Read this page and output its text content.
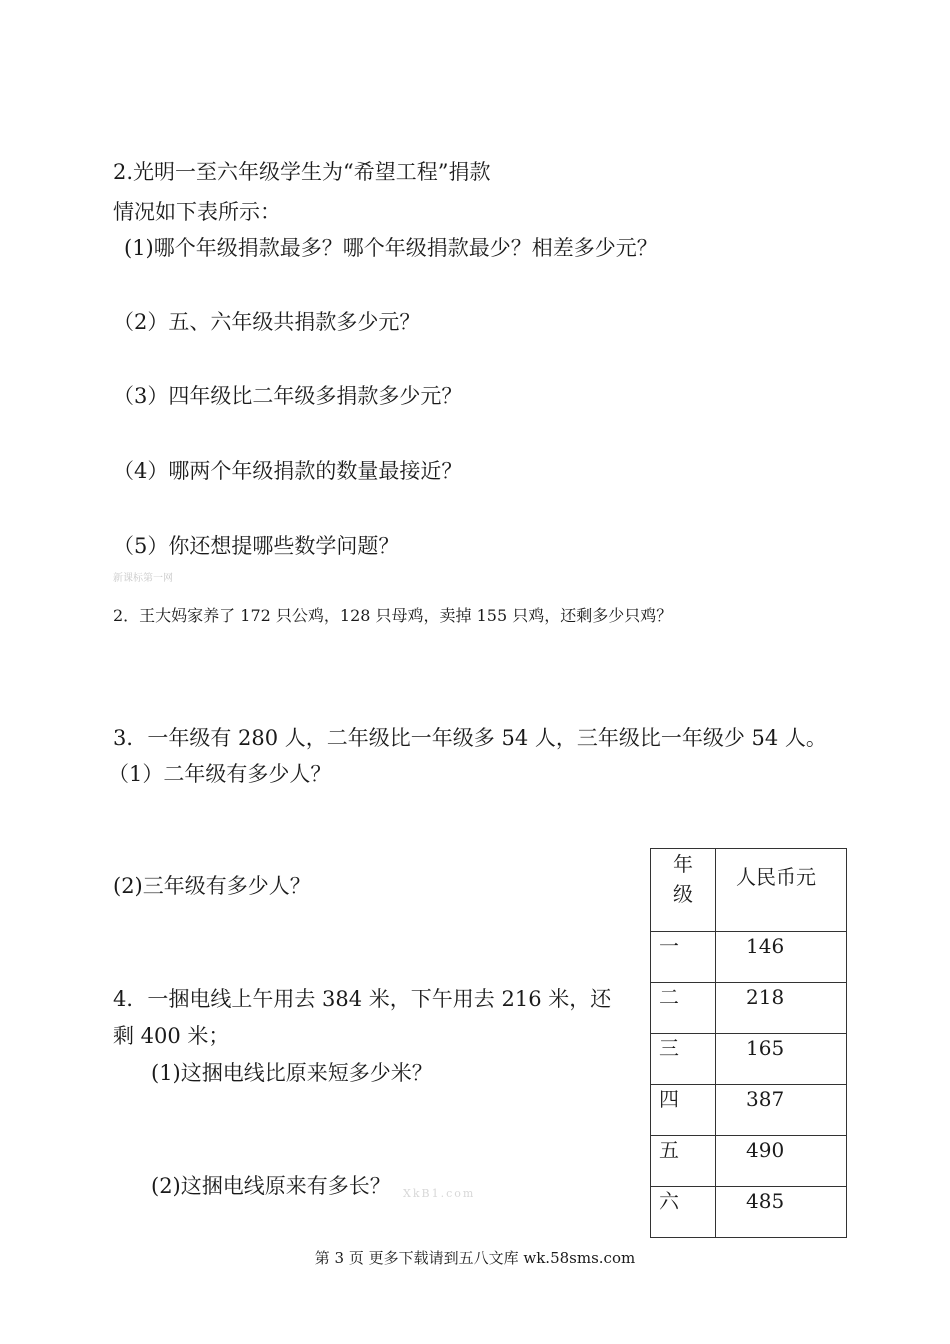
2.光明一至六年级学生为“希望工程”捐款
情况如下表所示：
(1)哪个年级捐款最多？哪个年级捐款最少？相差多少元？
（2）五、六年级共捐款多少元？
（3）四年级比二年级多捐款多少元？
（4）哪两个年级捐款的数量最接近？
（5）你还想提哪些数学问题？
新课标第一网
2．王大妈家养了 172 只公鸡，128 只母鸡，卖掉 155 只鸡，还剩多少只鸡？
3．一年级有 280 人，二年级比一年级多 54 人，三年级比一年级少 54 人。
（1）二年级有多少人？
(2)三年级有多少人？
4．一捆电线上午用去 384 米，下午用去 216 米，还
剩 400 米；
(1)这捆电线比原来短多少米？
(2)这捆电线原来有多长？ XkB1.com
年
级	人民币元
一	146
二	218
三	165
四	387
五	490
六	485
第 3 页 更多下载请到五八文库 wk.58sms.com
